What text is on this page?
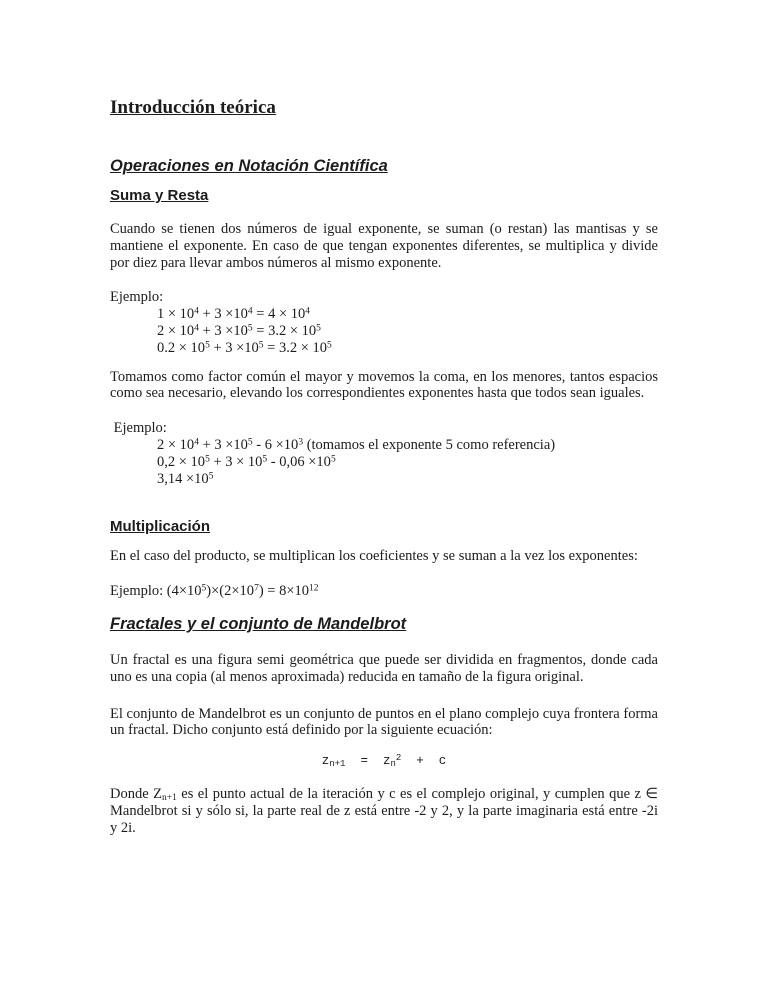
Introducción teórica
Operaciones en Notación Científica
Suma y Resta

Cuando se tienen dos números de igual exponente, se suman (o restan) las mantisas y se mantiene el exponente. En caso de que tengan exponentes diferentes, se multiplica y divide por diez para llevar ambos números al mismo exponente.

Ejemplo:
$1 \times 10^4 + 3 \times 10^4 = 4 \times 10^4$
$2 \times 10^4 + 3 \times 10^5 = 3.2 \times 10^5$
$0.2 \times 10^5 + 3 \times 10^5 = 3.2 \times 10^5$

Tomamos como factor común el mayor y movemos la coma, en los menores, tantos espacios como sea necesario, elevando los correspondientes exponentes hasta que todos sean iguales.

Ejemplo:
$2 \times 10^4 + 3 \times 10^5 - 6 \times 10^3$ (tomamos el exponente 5 como referencia)
$0,2 \times 10^5 + 3 \times 10^5 - 0,06 \times 10^5$
$3,14 \times 10^5$
Multiplicación

En el caso del producto, se multiplican los coeficientes y se suman a la vez los exponentes:

Ejemplo: $(4\times 10^5)\times(2\times 10^7) = 8\times 10^{12}$

Fractales y el conjunto de Mandelbrot

Un fractal es una figura semi geométrica que puede ser dividida en fragmentos, donde cada uno es una copia (al menos aproximada) reducida en tamaño de la figura original.

El conjunto de Mandelbrot es un conjunto de puntos en el plano complejo cuya frontera forma un fractal. Dicho conjunto está definido por la siguiente ecuación:

$z_{n+1} = z_n^2 + c$

Donde $Z_{n+1}$ es el punto actual de la iteración y c es el complejo original, y cumplen que z ∈ Mandelbrot si y sólo si, la parte real de z está entre -2 y 2, y la parte imaginaria está entre -2i y 2i.
